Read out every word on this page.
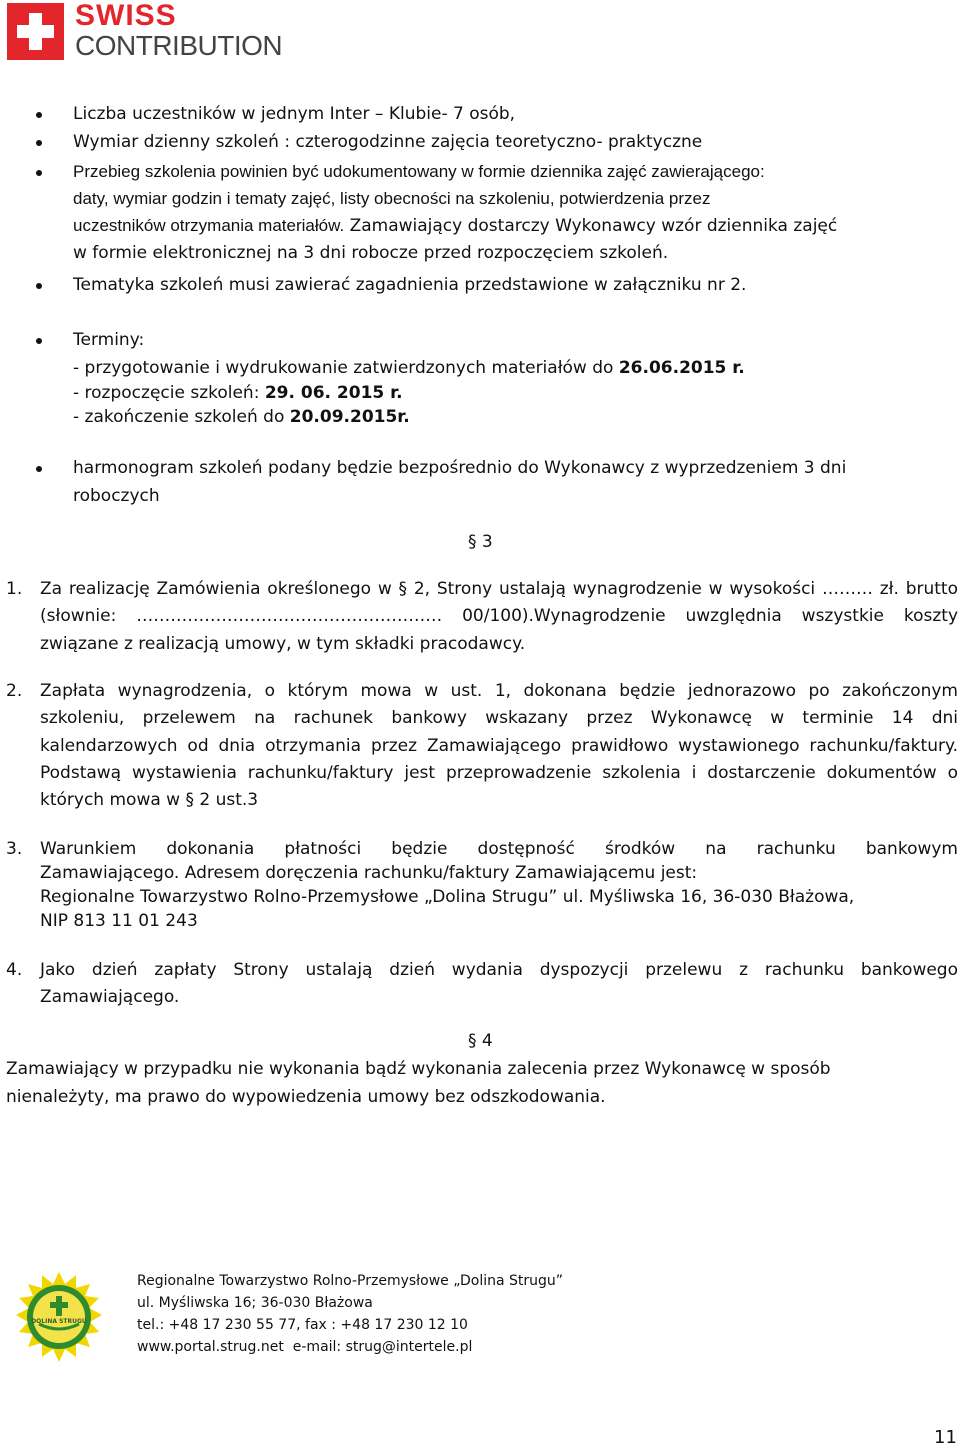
SWISS
CONTRIBUTION
Liczba uczestników w jednym Inter – Klubie- 7 osób,
Wymiar dzienny szkoleń : czterogodzinne zajęcia teoretyczno- praktyczne
Przebieg szkolenia powinien być udokumentowany w formie dziennika zajęć zawierającego:
daty, wymiar godzin i tematy zajęć, listy obecności na szkoleniu, potwierdzenia przez
uczestników otrzymania materiałów. Zamawiający dostarczy Wykonawcy wzór dziennika zajęć
w formie elektronicznej na 3 dni robocze przed rozpoczęciem szkoleń.
Tematyka szkoleń musi zawierać zagadnienia przedstawione w załączniku nr 2.
Terminy:
- przygotowanie i wydrukowanie zatwierdzonych materiałów do 26.06.2015 r.
- rozpoczęcie szkoleń: 29. 06. 2015 r.
- zakończenie szkoleń do 20.09.2015r.
harmonogram szkoleń podany będzie bezpośrednio do Wykonawcy z wyprzedzeniem 3 dni
roboczych
§ 3
1. Za realizację Zamówienia określonego w § 2, Strony ustalają wynagrodzenie w wysokości ……… zł. brutto (słownie: ……………………………………………… 00/100).Wynagrodzenie uwzględnia wszystkie koszty związane z realizacją umowy, w tym składki pracodawcy.
2. Zapłata wynagrodzenia, o którym mowa w ust. 1, dokonana będzie jednorazowo po zakończonym szkoleniu, przelewem na rachunek bankowy wskazany przez Wykonawcę w terminie 14 dni kalendarzowych od dnia otrzymania przez Zamawiającego prawidłowo wystawionego rachunku/faktury. Podstawą wystawienia rachunku/faktury jest przeprowadzenie szkolenia i dostarczenie dokumentów o których mowa w § 2 ust.3
3. Warunkiem dokonania płatności będzie dostępność środków na rachunku bankowym
Zamawiającego. Adresem doręczenia rachunku/faktury Zamawiającemu jest:
Regionalne Towarzystwo Rolno-Przemysłowe „Dolina Strugu” ul. Myśliwska 16, 36-030 Błażowa,
NIP 813 11 01 243
4. Jako dzień zapłaty Strony ustalają dzień wydania dyspozycji przelewu z rachunku bankowego Zamawiającego.
§ 4
Zamawiający w przypadku nie wykonania bądź wykonania zalecenia przez Wykonawcę w sposób
nienależyty, ma prawo do wypowiedzenia umowy bez odszkodowania.
DOLINA STRUGU
Regionalne Towarzystwo Rolno-Przemysłowe „Dolina Strugu”
ul. Myśliwska 16; 36-030 Błażowa
tel.: +48 17 230 55 77, fax : +48 17 230 12 10
www.portal.strug.net e-mail: strug@intertele.pl
11
